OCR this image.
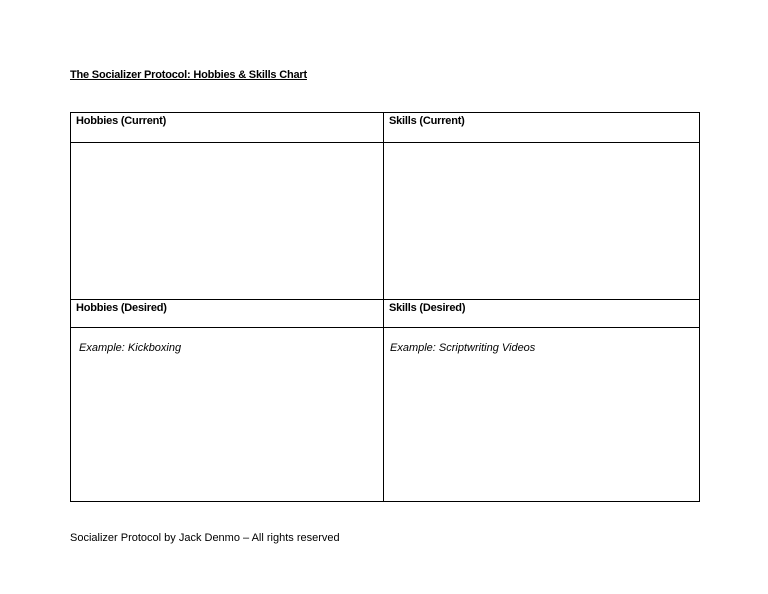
The Socializer Protocol: Hobbies & Skills Chart
Hobbies (Current)	Skills (Current)

Hobbies (Desired)	Skills (Desired)

Example: Kickboxing	Example: Scriptwriting Videos
Socializer Protocol by Jack Denmo – All rights reserved
